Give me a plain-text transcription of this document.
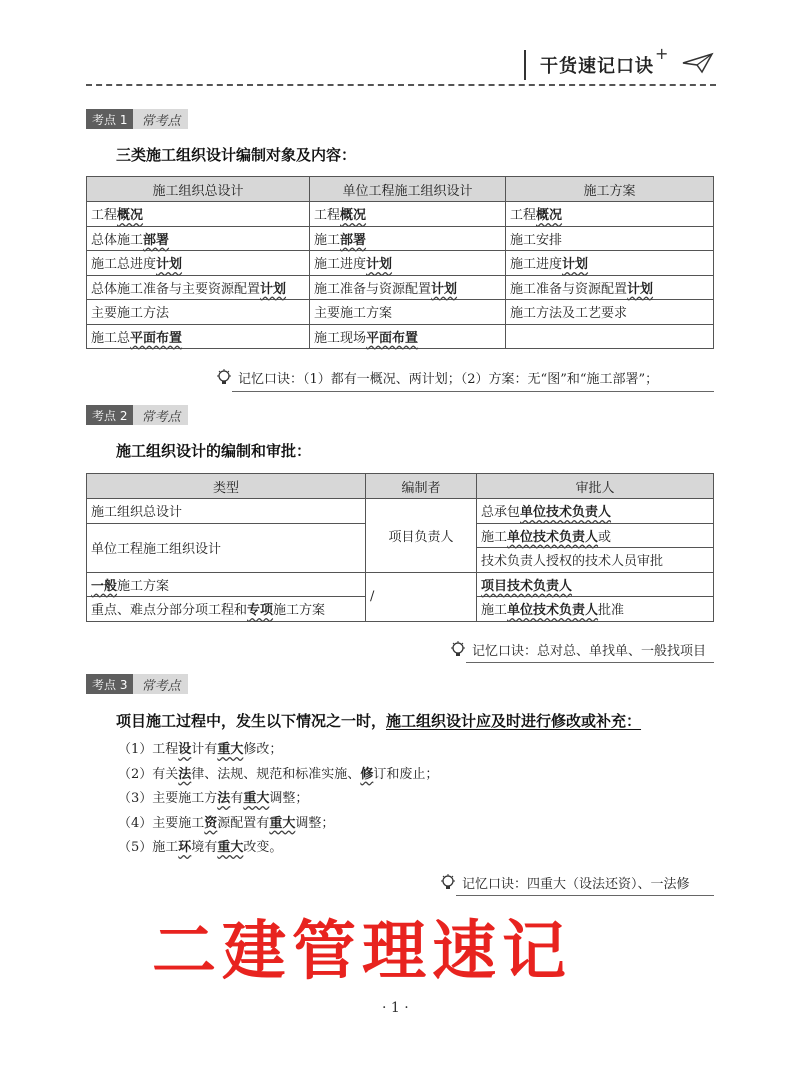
干货速记口诀
+
考点 1	常考点
三类施工组织设计编制对象及内容：
施工组织总设计	单位工程施工组织设计	施工方案
工程概况	工程概况	工程概况
总体施工部署	施工部署	施工安排
施工总进度计划	施工进度计划	施工进度计划
总体施工准备与主要资源配置计划	施工准备与资源配置计划	施工准备与资源配置计划
主要施工方法	主要施工方案	施工方法及工艺要求
施工总平面布置	施工现场平面布置	
记忆口诀：（1）都有一概况、两计划；（2）方案：无“图”和“施工部署”；
考点 2	常考点
施工组织设计的编制和审批：
类型	编制者	审批人
施工组织总设计	项目负责人	总承包单位技术负责人
单位工程施工组织设计		施工单位技术负责人或
		技术负责人授权的技术人员审批
一般施工方案	/	项目技术负责人
重点、难点分部分项工程和专项施工方案		施工单位技术负责人批准
记忆口诀：总对总、单找单、一般找项目
考点 3	常考点
项目施工过程中，发生以下情况之一时，施工组织设计应及时进行修改或补充：
（1）工程设计有重大修改；
（2）有关法律、法规、规范和标准实施、修订和废止；
（3）主要施工方法有重大调整；
（4）主要施工资源配置有重大调整；
（5）施工环境有重大改变。
记忆口诀：四重大（设法还资）、一法修
二建管理速记
· 1 ·
